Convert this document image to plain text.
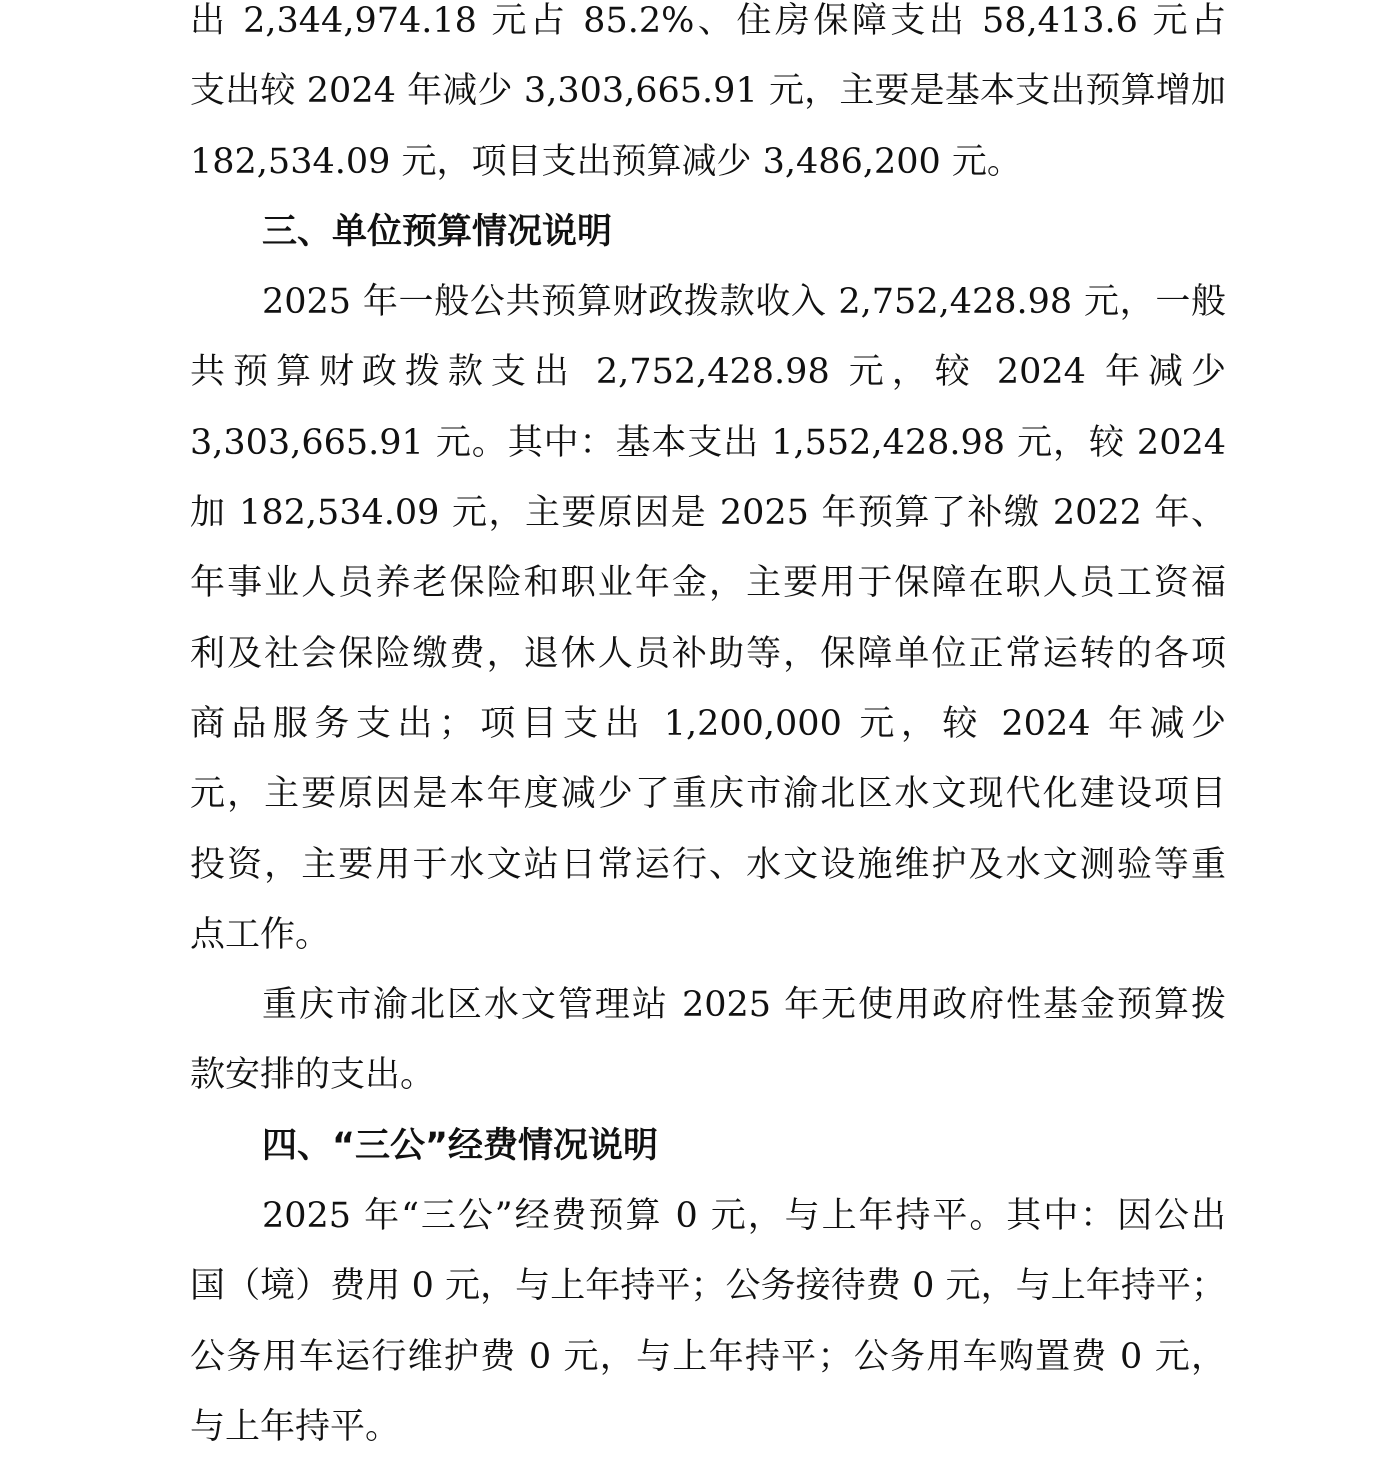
出 2,344,974.18 元占 85.2%、住房保障支出 58,413.6 元占
支出较 2024 年减少 3,303,665.91 元，主要是基本支出预算增加
182,534.09 元，项目支出预算减少 3,486,200 元。
三、单位预算情况说明
2025 年一般公共预算财政拨款收入 2,752,428.98 元，一般
共预算财政拨款支出 2,752,428.98 元，较 2024 年减少
3,303,665.91 元。其中：基本支出 1,552,428.98 元，较 2024
加 182,534.09 元，主要原因是 2025 年预算了补缴 2022 年、
年事业人员养老保险和职业年金，主要用于保障在职人员工资福
利及社会保险缴费，退休人员补助等，保障单位正常运转的各项
商品服务支出；项目支出 1,200,000 元，较 2024 年减少
元，主要原因是本年度减少了重庆市渝北区水文现代化建设项目
投资，主要用于水文站日常运行、水文设施维护及水文测验等重
点工作。
重庆市渝北区水文管理站 2025 年无使用政府性基金预算拨
款安排的支出。
四、“三公”经费情况说明
2025 年“三公”经费预算 0 元，与上年持平。其中：因公出
国（境）费用 0 元，与上年持平；公务接待费 0 元，与上年持平；
公务用车运行维护费 0 元，与上年持平；公务用车购置费 0 元，
与上年持平。
